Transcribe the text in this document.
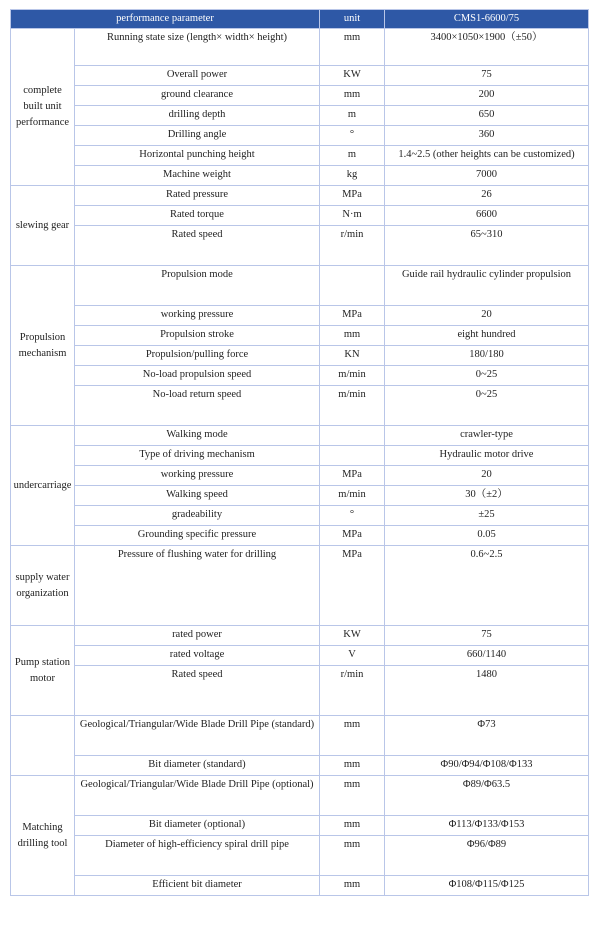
performance parameter		unit	CMS1-6600/75
complete built unit performance	Running state size (length× width× height)	mm	3400×1050×1900（±50）
	Overall power	KW	75
	ground clearance	mm	200
	drilling depth	m	650
	Drilling angle	°	360
	Horizontal punching height	m	1.4~2.5 (other heights can be customized)
	Machine weight	kg	7000
slewing gear	Rated pressure	MPa	26
	Rated torque	N·m	6600
	Rated speed	r/min	65~310
Propulsion mechanism	Propulsion mode		Guide rail hydraulic cylinder propulsion
	working pressure	MPa	20
	Propulsion stroke	mm	eight hundred
	Propulsion/pulling force	KN	180/180
	No-load propulsion speed	m/min	0~25
	No-load return speed	m/min	0~25
undercarriage	Walking mode		crawler-type
	Type of driving mechanism		Hydraulic motor drive
	working pressure	MPa	20
	Walking speed	m/min	30（±2）
	gradeability	°	±25
	Grounding specific pressure	MPa	0.05
supply water organization	Pressure of flushing water for drilling	MPa	0.6~2.5
Pump station motor	rated power	KW	75
	rated voltage	V	660/1140
	Rated speed	r/min	1480
	Geological/Triangular/Wide Blade Drill Pipe (standard)	mm	Φ73
	Bit diameter (standard)	mm	Φ90/Φ94/Φ108/Φ133
Matching drilling tool	Geological/Triangular/Wide Blade Drill Pipe (optional)	mm	Φ89/Φ63.5
	Bit diameter (optional)	mm	Φ113/Φ133/Φ153
	Diameter of high-efficiency spiral drill pipe	mm	Φ96/Φ89
	Efficient bit diameter	mm	Φ108/Φ115/Φ125
